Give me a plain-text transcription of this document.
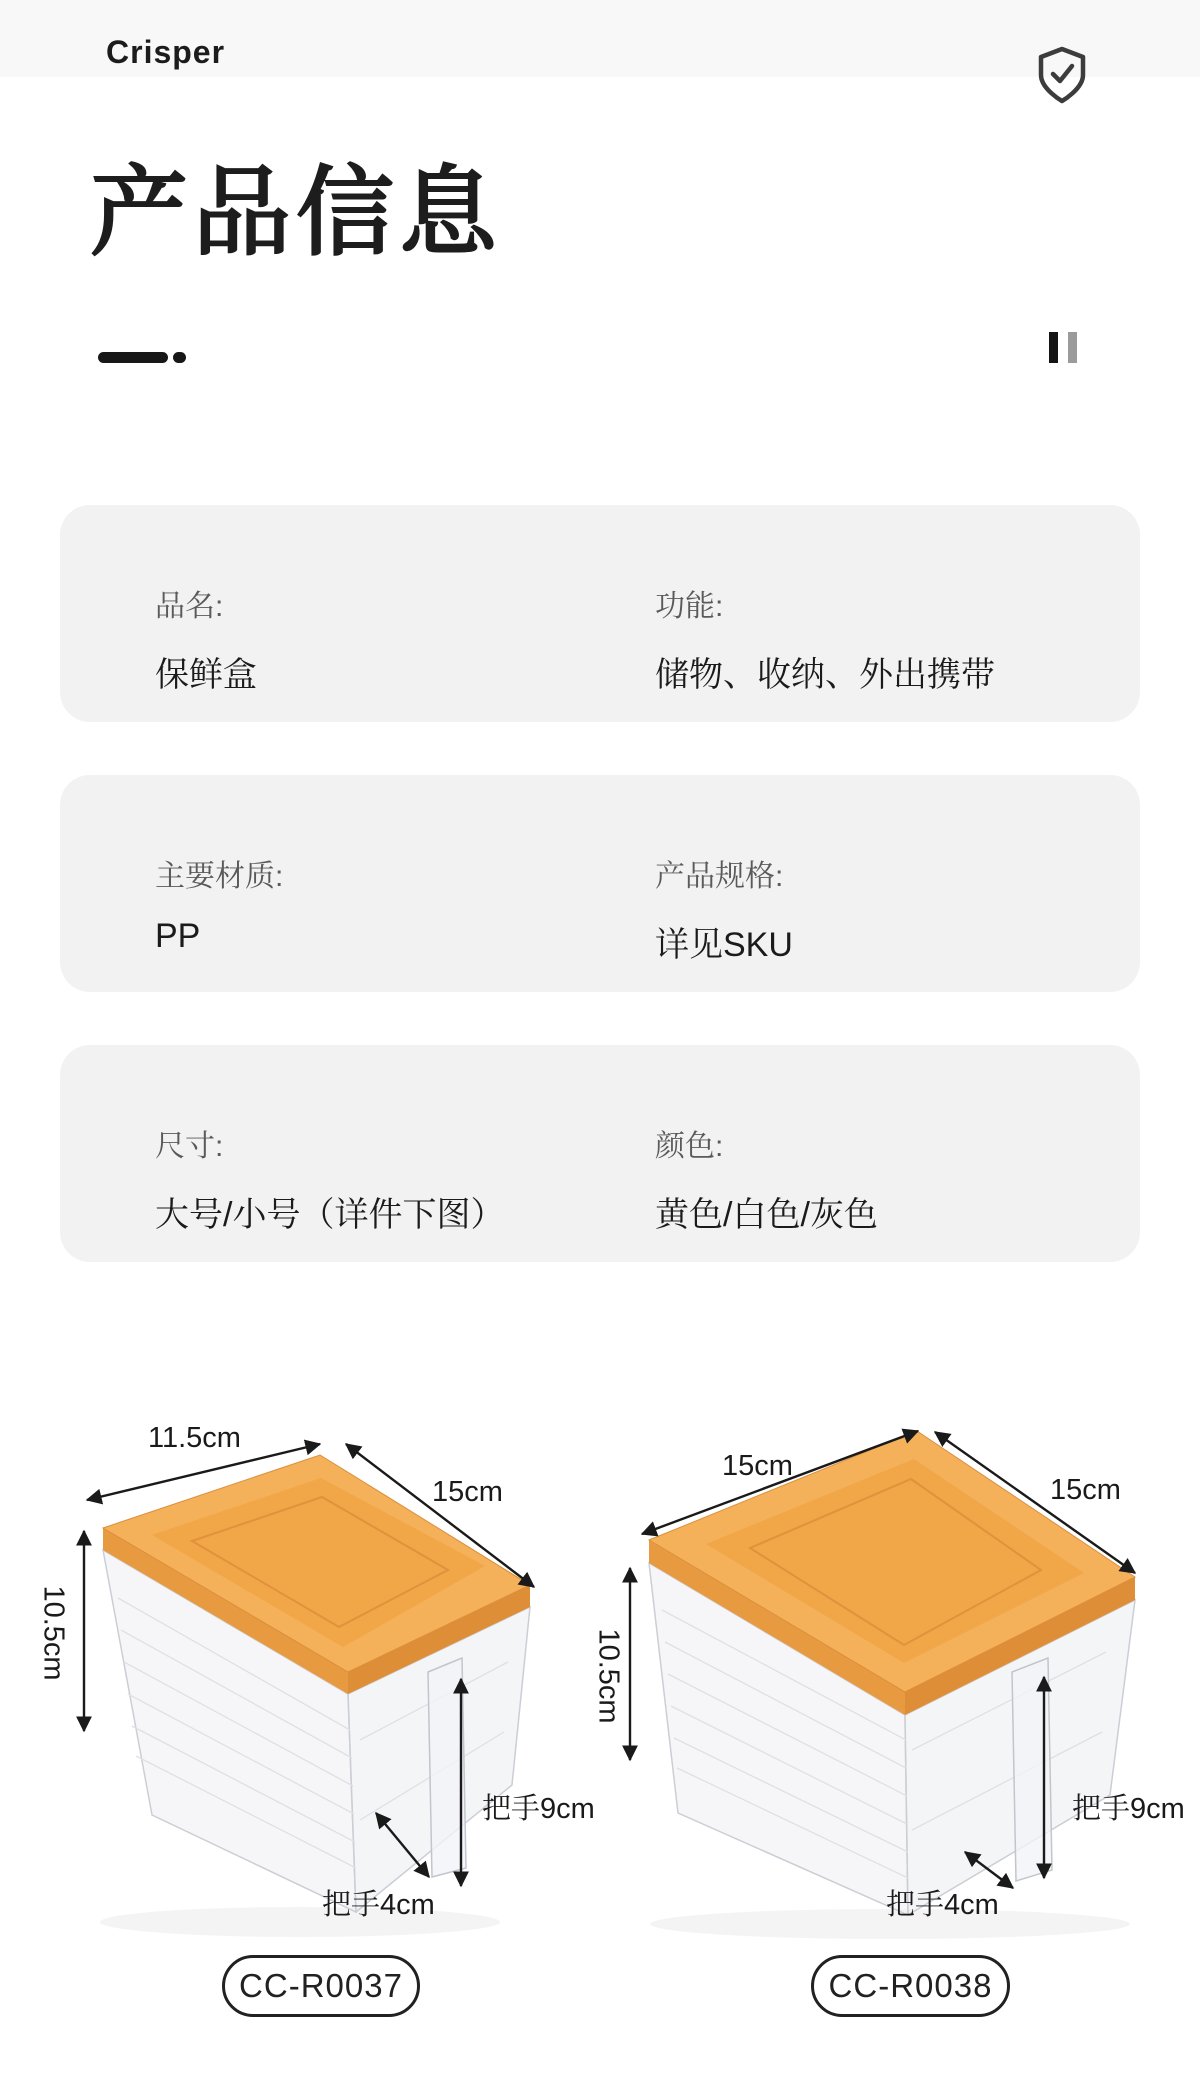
Crisper
产品信息
品名:
保鲜盒
功能:
储物、收纳、外出携带
主要材质:
PP
产品规格:
详见SKU
尺寸:
大号/小号（详件下图）
颜色:
黄色/白色/灰色
11.5cm
15cm
10.5cm
把手9cm
把手4cm
15cm
15cm
10.5cm
把手9cm
把手4cm
CC-R0037	CC-R0038
